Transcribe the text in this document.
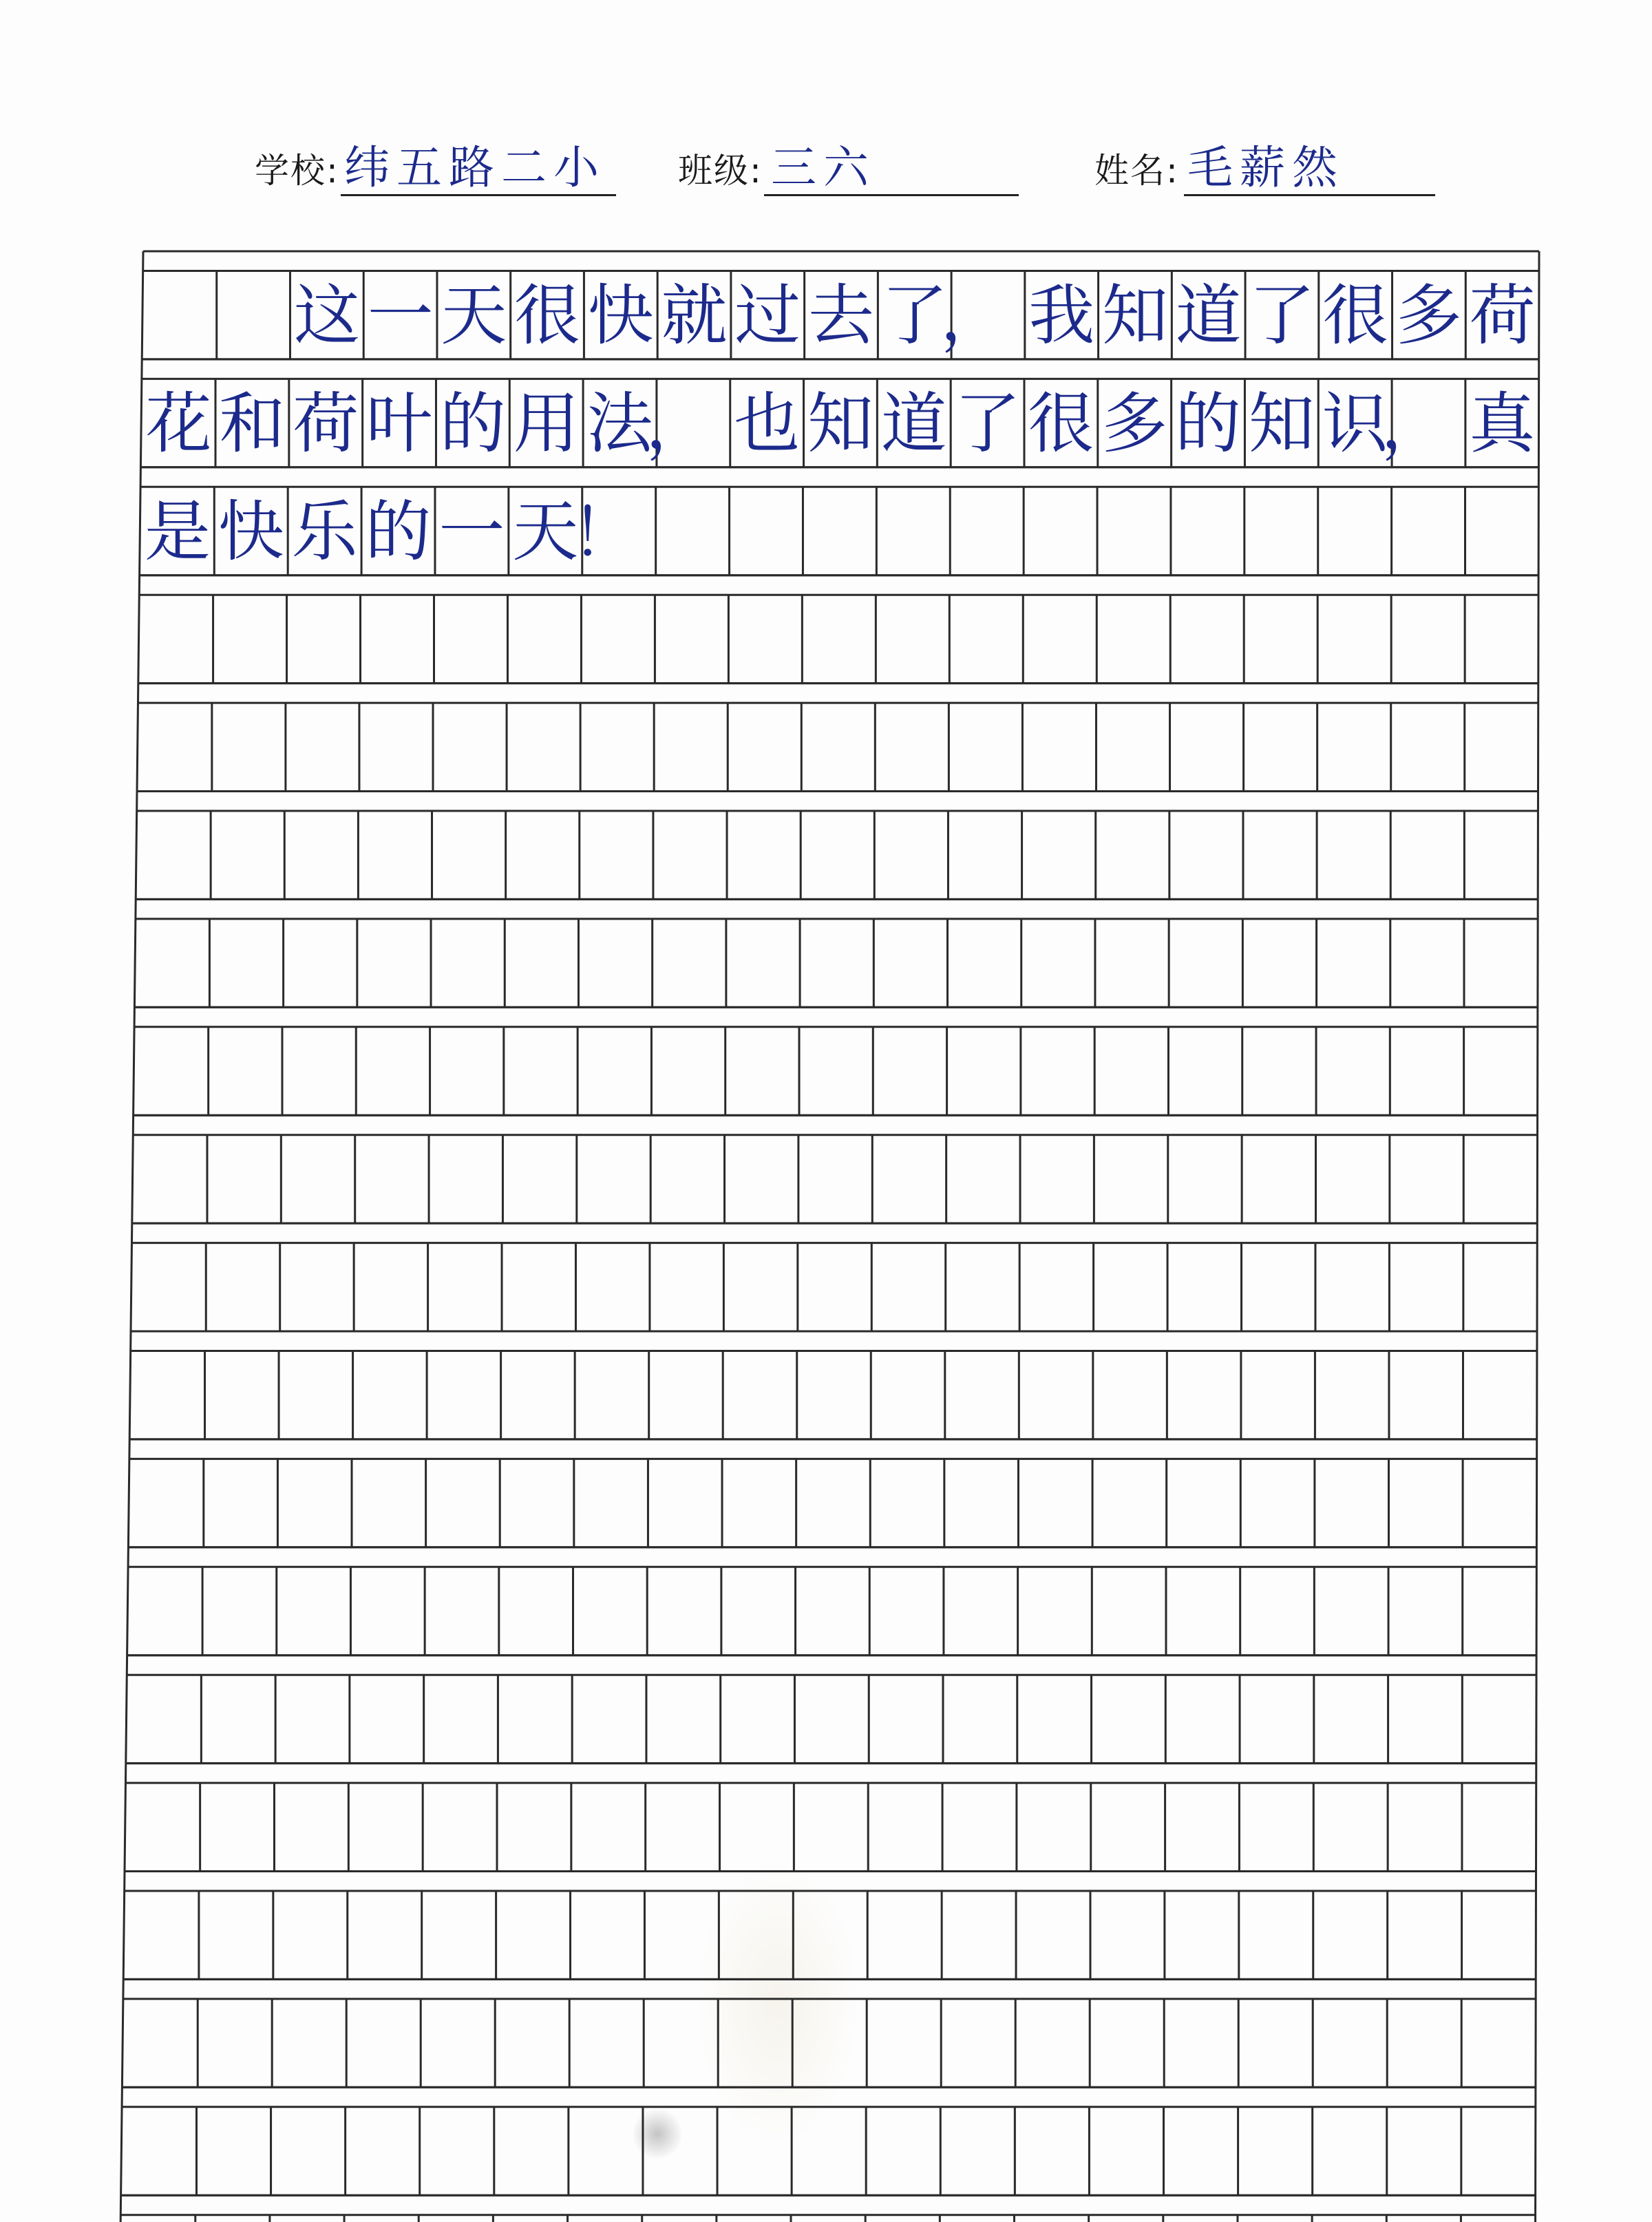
学校: 纬五路二小 班级: 三六	姓名: 毛薪然
这 一 天 很 快 就 过 去 了
， 我 知 道 了 很 多 荷
花 和 荷 叶 的 用 法
， 也 知 道 了 很 多 的 知 识
， 真
是 快 乐 的 一 天
！
